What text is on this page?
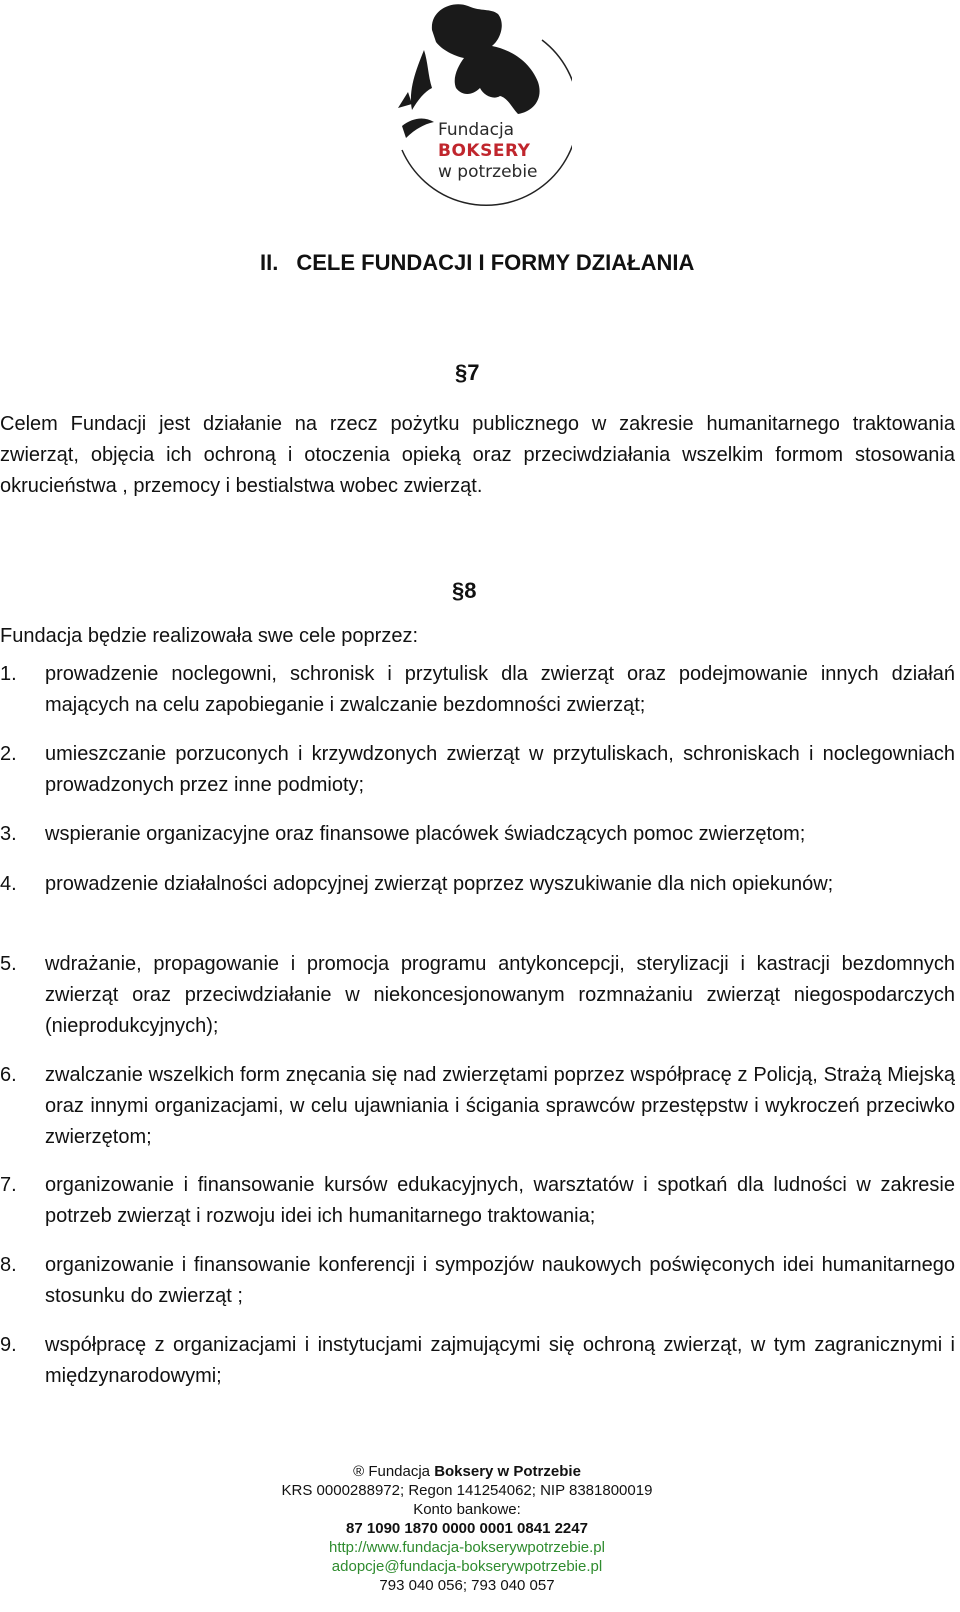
Fundacja
BOKSERY
w potrzebie
II. CELE FUNDACJI I FORMY DZIAŁANIA
§7
Celem Fundacji jest działanie na rzecz pożytku publicznego w zakresie humanitarnego traktowania zwierząt, objęcia ich ochroną i otoczenia opieką oraz przeciwdziałania wszelkim formom stosowania okrucieństwa , przemocy i bestialstwa wobec zwierząt.
§8
Fundacja będzie realizowała swe cele poprzez:
1. prowadzenie noclegowni, schronisk i przytulisk dla zwierząt oraz podejmowanie innych działań mających na celu zapobieganie i zwalczanie bezdomności zwierząt;
2. umieszczanie porzuconych i krzywdzonych zwierząt w przytuliskach, schroniskach i noclegowniach prowadzonych przez inne podmioty;
3. wspieranie organizacyjne oraz finansowe placówek świadczących pomoc zwierzętom;
4. prowadzenie działalności adopcyjnej zwierząt poprzez wyszukiwanie dla nich opiekunów;
5. wdrażanie, propagowanie i promocja programu antykoncepcji, sterylizacji i kastracji bezdomnych zwierząt oraz przeciwdziałanie w niekoncesjonowanym rozmnażaniu zwierząt niegospodarczych (nieprodukcyjnych);
6. zwalczanie wszelkich form znęcania się nad zwierzętami poprzez współpracę z Policją, Strażą Miejską oraz innymi organizacjami, w celu ujawniania i ścigania sprawców przestępstw i wykroczeń przeciwko zwierzętom;
7. organizowanie i finansowanie kursów edukacyjnych, warsztatów i spotkań dla ludności w zakresie potrzeb zwierząt i rozwoju idei ich humanitarnego traktowania;
8. organizowanie i finansowanie konferencji i sympozjów naukowych poświęconych idei humanitarnego stosunku do zwierząt ;
9. współpracę z organizacjami i instytucjami zajmującymi się ochroną zwierząt, w tym zagranicznymi i międzynarodowymi;
® Fundacja Boksery w Potrzebie
KRS 0000288972; Regon 141254062; NIP 8381800019
Konto bankowe:
87 1090 1870 0000 0001 0841 2247
http://www.fundacja-bokserywpotrzebie.pl
adopcje@fundacja-bokserywpotrzebie.pl
793 040 056; 793 040 057
